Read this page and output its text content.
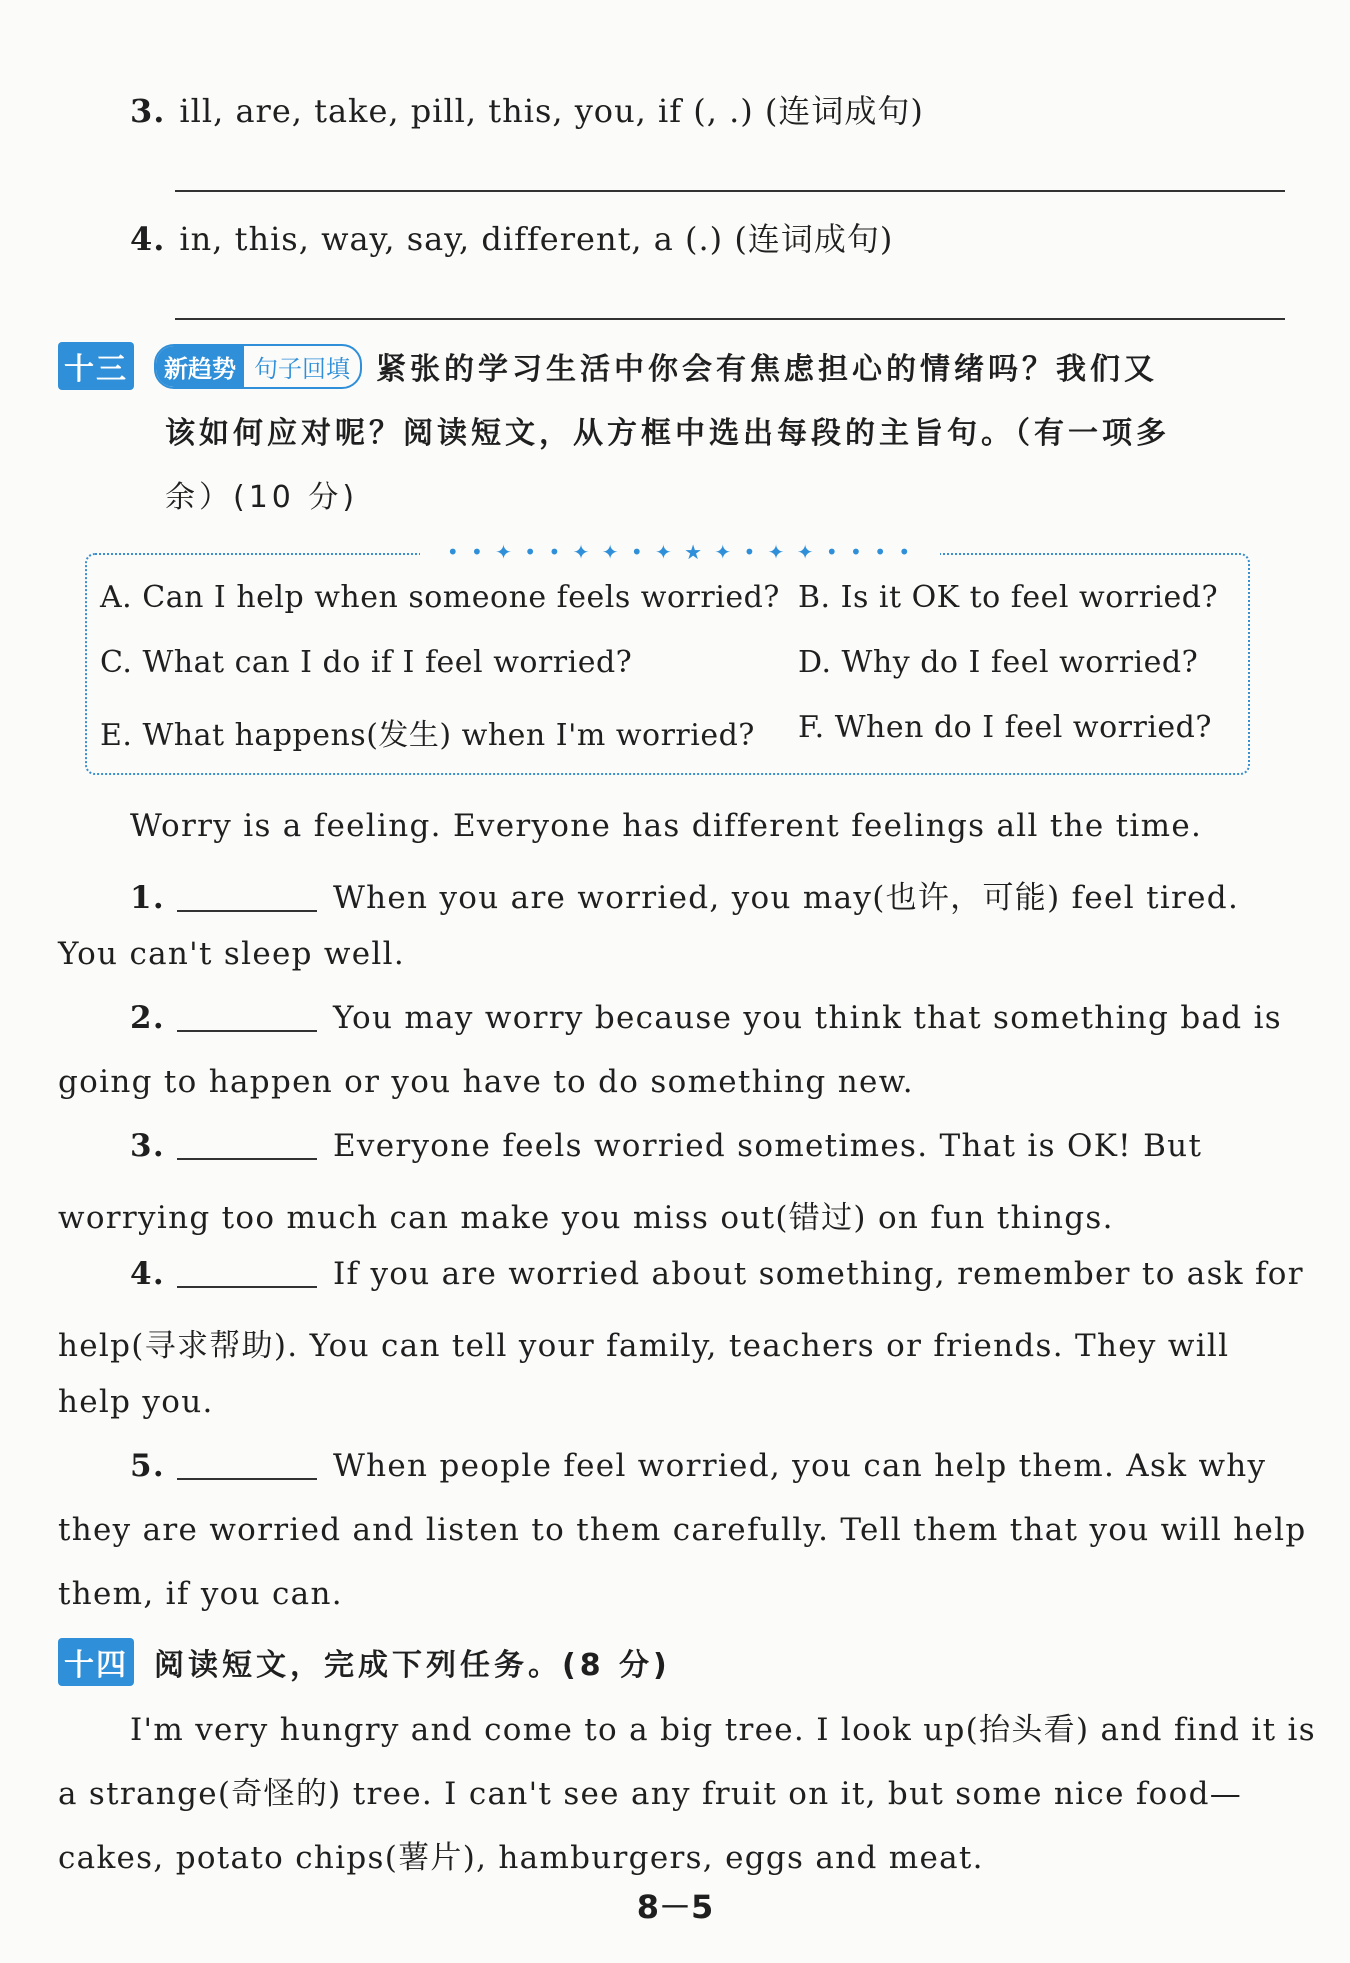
3. ill, are, take, pill, this, you, if (, .) (连词成句)
4. in, this, way, say, different, a (.) (连词成句)
十三	新趋势 句子回填 紧张的学习生活中你会有焦虑担心的情绪吗？我们又
该如何应对呢？阅读短文，从方框中选出每段的主旨句。（有一项多
余）(10 分)
• • ✦ • • ✦ ✦ • ✦ ★ ✦ • ✦ ✦ • • • •
A. Can I help when someone feels worried? B. Is it OK to feel worried?
C. What can I do if I feel worried?	D. Why do I feel worried?
E. What happens(发生) when I'm worried? F. When do I feel worried?
Worry is a feeling. Everyone has different feelings all the time.
1.	When you are worried, you may(也许，可能) feel tired.
You can't sleep well.
2.	You may worry because you think that something bad is
going to happen or you have to do something new.
3.	Everyone feels worried sometimes. That is OK! But
worrying too much can make you miss out(错过) on fun things.
4.	If you are worried about something, remember to ask for
help(寻求帮助). You can tell your family, teachers or friends. They will
help you.
5.	When people feel worried, you can help them. Ask why
they are worried and listen to them carefully. Tell them that you will help
them, if you can.
十四 阅读短文，完成下列任务。(8 分)
I'm very hungry and come to a big tree. I look up(抬头看) and find it is
a strange(奇怪的) tree. I can't see any fruit on it, but some nice food—
cakes, potato chips(薯片), hamburgers, eggs and meat.
8－5
